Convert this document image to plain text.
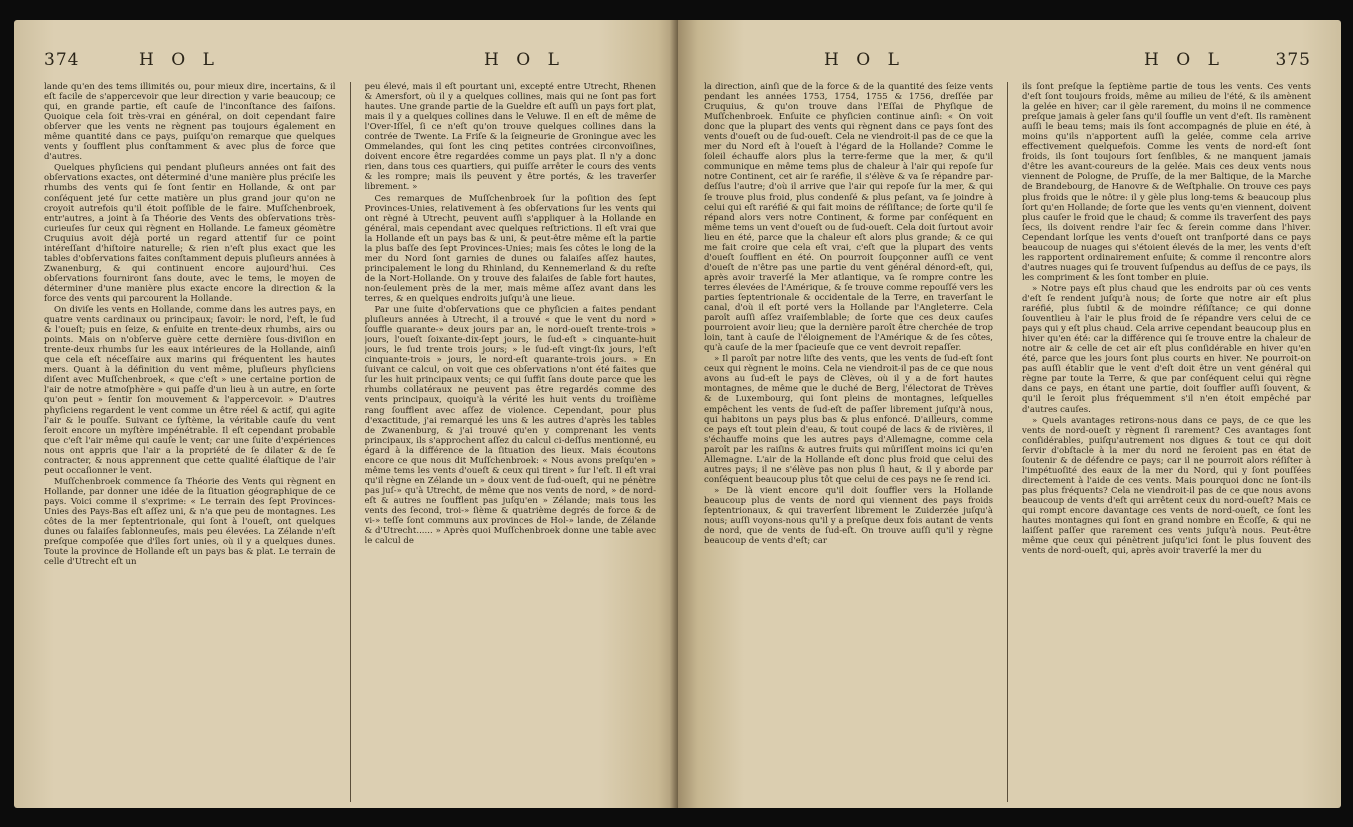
374	H O L	H O L

lande qu'en des tems illimités ou, pour mieux dire, incertains, & il eſt facile de s'appercevoir que leur direction y varie beaucoup; ce qui, en grande partie, eſt cauſe de l'inconſtance des ſaiſons. Quoique cela ſoit très-vrai en général, on doit cependant faire obſerver que les vents ne règnent pas toujours également en même quantité dans ce pays, puiſqu'on remarque que quelques vents y ſoufflent plus conſtamment & avec plus de force que d'autres.

Quelques phyſiciens qui pendant pluſieurs années ont fait des obſervations exactes, ont déterminé d'une manière plus préciſe les rhumbs des vents qui ſe ſont ſentir en Hollande, & ont par conſéquent jeté ſur cette matière un plus grand jour qu'on ne croyoit autrefois qu'il étoit poſſible de le faire. Muſſchenbroek, entr'autres, a joint à ſa Théorie des Vents des obſervations très-curieuſes ſur ceux qui règnent en Hollande. Le fameux géomètre Cruquius avoit déjà porté un regard attentif ſur ce point intéreſſant d'hiſtoire naturelle; & rien n'eſt plus exact que les tables d'obſervations faites conſtamment depuis pluſieurs années à Zwanenburg, & qui continuent encore aujourd'hui. Ces obſervations fourniront ſans doute, avec le tems, le moyen de déterminer d'une manière plus exacte encore la direction & la force des vents qui parcourent la Hollande.

On diviſe les vents en Hollande, comme dans les autres pays, en quatre vents cardinaux ou principaux; ſavoir: le nord, l'eſt, le ſud & l'oueſt; puis en ſeize, & enſuite en trente-deux rhumbs, airs ou points. Mais on n'obſerve guère cette dernière ſous-diviſion en trente-deux rhumbs ſur les eaux intérieures de la Hollande, ainſi que cela eſt néceſſaire aux marins qui fréquentent les hautes mers. Quant à la définition du vent même, pluſieurs phyſiciens diſent avec Muſſchenbroek, « que c'eſt » une certaine portion de l'air de notre atmoſphère » qui paſſe d'un lieu à un autre, en ſorte qu'on peut » ſentir ſon mouvement & l'appercevoir. » D'autres phyſiciens regardent le vent comme un être réel & actif, qui agite l'air & le pouſſe. Suivant ce ſyſtème, la véritable cauſe du vent ſeroit encore un myſtère impénétrable. Il eſt cependant probable que c'eſt l'air même qui cauſe le vent; car une ſuite d'expériences nous ont appris que l'air a la propriété de ſe dilater & de ſe contracter, & nous apprennent que cette qualité élaſtique de l'air peut occaſionner le vent.

Muſſchenbroek commence ſa Théorie des Vents qui règnent en Hollande, par donner une idée de la ſituation géographique de ce pays. Voici comme il s'exprime: « Le terrain des ſept Provinces-Unies des Pays-Bas eſt aſſez uni, & n'a que peu de montagnes. Les côtes de la mer ſeptentrionale, qui ſont à l'oueſt, ont quelques dunes ou falaiſes ſablonneuſes, mais peu élevées. La Zélande n'eſt preſque compoſée que d'îles ſort unies, où il y a quelques dunes. Toute la province de Hollande eſt un pays bas & plat. Le terrain de celle d'Utrecht eſt un

peu élevé, mais il eſt pourtant uni, excepté entre Utrecht, Rhenen & Amersfort, où il y a quelques collines, mais qui ne ſont pas fort hautes. Une grande partie de la Gueldre eſt auſſi un pays fort plat, mais il y a quelques collines dans le Veluwe. Il en eſt de même de l'Over-Iſſel, ſi ce n'eſt qu'on trouve quelques collines dans la contrée de Twente. La Friſe & la ſeigneurie de Groningue avec les Ommelandes, qui ſont les cinq petites contrées circonvoiſines, doivent encore être regardées comme un pays plat. Il n'y a donc rien, dans tous ces quartiers, qui puiſſe arrêter le cours des vents & les rompre; mais ils peuvent y être portés, & les traverſer librement. »

Ces remarques de Muſſchenbroek ſur la poſition des ſept Provinces-Unies, relativement à ſes obſervations ſur les vents qui ont règné à Utrecht, peuvent auſſi s'appliquer à la Hollande en général, mais cependant avec quelques reſtrictions. Il eſt vrai que la Hollande eſt un pays bas & uni, & peut-être même eſt la partie la plus baſſe des ſept Provinces-Unies; mais ſes côtes le long de la mer du Nord ſont garnies de dunes ou falaiſes aſſez hautes, principalement le long du Rhinland, du Kennemerland & du reſte de la Nort-Hollande. On y trouve des falaiſes de ſable fort hautes, non-ſeulement près de la mer, mais même aſſez avant dans les terres, & en quelques endroits juſqu'à une lieue.

Par une ſuite d'obſervations que ce phyſicien a faites pendant pluſieurs années à Utrecht, il a trouvé « que le vent du nord » ſouffle quarante-» deux jours par an, le nord-oueſt trente-trois » jours, l'oueſt ſoixante-dix-ſept jours, le ſud-eſt » cinquante-huit jours, le ſud trente trois jours; » le ſud-eſt vingt-ſix jours, l'eſt cinquante-trois » jours, le nord-eſt quarante-trois jours. » En ſuivant ce calcul, on voit que ces obſervations n'ont été faites que ſur les huit principaux vents; ce qui ſuffit ſans doute parce que les rhumbs collatéraux ne peuvent pas être regardés comme des vents principaux, quoiqu'à la vérité les huit vents du troiſième rang ſoufflent avec aſſez de violence. Cependant, pour plus d'exactitude, j'ai remarqué les uns & les autres d'après les tables de Zwanenburg, & j'ai trouvé qu'en y comprenant les vents principaux, ils s'approchent aſſez du calcul ci-deſſus mentionné, eu égard à la différence de la ſituation des lieux. Mais écoutons encore ce que nous dit Muſſchenbroek: « Nous avons preſqu'en » même tems les vents d'oueſt & ceux qui tirent » ſur l'eſt. Il eſt vrai qu'il règne en Zélande un » doux vent de ſud-oueſt, qui ne pénètre pas juſ-» qu'à Utrecht, de même que nos vents de nord, » de nord-eſt & autres ne ſoufflent pas juſqu'en » Zélande; mais tous les vents des ſecond, troi-» ſième & quatrième degrés de force & de vi-» teſſe ſont communs aux provinces de Hol-» lande, de Zélande & d'Utrecht...... » Après quoi Muſſchenbroek donne une table avec le calcul de

H O L	H O L	375

la direction, ainſi que de la force & de la quantité des ſeize vents pendant les années 1753, 1754, 1755 & 1756, dreſſée par Cruquius, & qu'on trouve dans l'Eſſai de Phyſique de Muſſchenbroek. Enſuite ce phyſicien continue ainſi: « On voit donc que la plupart des vents qui règnent dans ce pays ſont des vents d'oueſt ou de ſud-oueſt. Cela ne viendroit-il pas de ce que la mer du Nord eſt à l'oueſt à l'égard de la Hollande? Comme le ſoleil échauffe alors plus la terre-ferme que la mer, & qu'il communique en même tems plus de chaleur à l'air qui repoſe ſur notre Continent, cet air ſe raréfie, il s'élève & va ſe répandre par-deſſus l'autre; d'où il arrive que l'air qui repoſe ſur la mer, & qui ſe trouve plus froid, plus condenſé & plus peſant, va ſe joindre à celui qui eſt raréfié & qui fait moins de réſiſtance; de ſorte qu'il ſe répand alors vers notre Continent, & forme par conſéquent en même tems un vent d'oueſt ou de ſud-oueſt. Cela doit ſurtout avoir lieu en été, parce que la chaleur eſt alors plus grande; & ce qui me fait croire que cela eſt vrai, c'eſt que la plupart des vents d'oueſt ſoufflent en été. On pourroit ſoupçonner auſſi ce vent d'oueſt de n'être pas une partie du vent général dénord-eſt, qui, après avoir traverſé la Mer atlantique, va ſe rompre contre les terres élevées de l'Amérique, & ſe trouve comme repouſſé vers les parties ſeptentrionale & occidentale de la Terre, en traverſant le canal, d'où il eſt porté vers la Hollande par l'Angleterre. Cela paroît auſſi aſſez vraiſemblable; de ſorte que ces deux cauſes pourroient avoir lieu; que la dernière paroît être cherchée de trop loin, tant à cauſe de l'éloignement de l'Amérique & de ſes côtes, qu'à cauſe de la mer ſpacieuſe que ce vent devroit repaſſer.

» Il paroît par notre liſte des vents, que les vents de ſud-eſt ſont ceux qui règnent le moins. Cela ne viendroit-il pas de ce que nous avons au ſud-eſt le pays de Clèves, où il y a de fort hautes montagnes, de même que le duché de Berg, l'électorat de Trèves & de Luxembourg, qui ſont pleins de montagnes, leſquelles empêchent les vents de ſud-eſt de paſſer librement juſqu'à nous, qui habitons un pays plus bas & plus enfoncé. D'ailleurs, comme ce pays eſt tout plein d'eau, & tout coupé de lacs & de rivières, il s'échauffe moins que les autres pays d'Allemagne, comme cela paroît par les raiſins & autres fruits qui mûriſſent moins ici qu'en Allemagne. L'air de la Hollande eſt donc plus froid que celui des autres pays; il ne s'élève pas non plus ſi haut, & il y aborde par conſéquent beaucoup plus tôt que celui de ces pays ne ſe rend ici.

» De là vient encore qu'il doit ſouffler vers la Hollande beaucoup plus de vents de nord qui viennent des pays froids ſeptentrionaux, & qui traverſent librement le Zuiderzée juſqu'à nous; auſſi voyons-nous qu'il y a preſque deux fois autant de vents de nord, que de vents de ſud-eſt. On trouve auſſi qu'il y règne beaucoup de vents d'eſt; car

ils ſont preſque la ſeptième partie de tous les vents. Ces vents d'eſt ſont toujours froids, même au milieu de l'été, & ils amènent la gelée en hiver; car il gèle rarement, du moins il ne commence preſque jamais à geler ſans qu'il ſouffle un vent d'eſt. Ils ramènent auſſi le beau tems; mais ils ſont accompagnés de pluie en été, à moins qu'ils n'apportent auſſi la gelée, comme cela arrive effectivement quelquefois. Comme les vents de nord-eſt ſont froids, ils ſont toujours ſort ſenſibles, & ne manquent jamais d'être les avant-coureurs de la gelée. Mais ces deux vents nous viennent de Pologne, de Pruſſe, de la mer Baltique, de la Marche de Brandebourg, de Hanovre & de Weſtphalie. On trouve ces pays plus froids que le nôtre: il y gèle plus long-tems & beaucoup plus ſort qu'en Hollande; de ſorte que les vents qu'en viennent, doivent plus cauſer le froid que le chaud; & comme ils traverſent des pays ſecs, ils doivent rendre l'air ſec & ſerein comme dans l'hiver. Cependant lorſque les vents d'oueſt ont tranſporté dans ce pays beaucoup de nuages qui s'étoient élevés de la mer, les vents d'eſt les rapportent ordinairement enſuite; & comme il rencontre alors d'autres nuages qui ſe trouvent ſuſpendus au deſſus de ce pays, ils les compriment & les ſont tomber en pluie.

» Notre pays eſt plus chaud que les endroits par où ces vents d'eſt ſe rendent juſqu'à nous; de ſorte que notre air eſt plus raréfié, plus ſubtil & de moindre réſiſtance; ce qui donne ſouventlieu à l'air le plus froid de ſe répandre vers celui de ce pays qui y eſt plus chaud. Cela arrive cependant beaucoup plus en hiver qu'en été: car la différence qui ſe trouve entre la chaleur de notre air & celle de cet air eſt plus conſidérable en hiver qu'en été, parce que les jours ſont plus courts en hiver. Ne pourroit-on pas auſſi établir que le vent d'eſt doit être un vent général qui règne par toute la Terre, & que par conſéquent celui qui règne dans ce pays, en étant une partie, doit ſouffler auſſi ſouvent, & qu'il le ſeroit plus fréquemment s'il n'en étoit empêché par d'autres cauſes.

» Quels avantages retirons-nous dans ce pays, de ce que les vents de nord-oueſt y règnent ſi rarement? Ces avantages ſont conſidérables, puiſqu'autrement nos digues & tout ce qui doit ſervir d'obſtacle à la mer du nord ne ſeroient pas en état de ſoutenir & de défendre ce pays; car il ne pourroit alors réſiſter à l'impétuoſité des eaux de la mer du Nord, qui y ſont pouſſées directement à l'aide de ces vents. Mais pourquoi donc ne ſont-ils pas plus fréquents? Cela ne viendroit-il pas de ce que nous avons beaucoup de vents d'eſt qui arrêtent ceux du nord-oueſt? Mais ce qui rompt encore davantage ces vents de nord-oueſt, ce ſont les hautes montagnes qui ſont en grand nombre en Écoſſe, & qui ne laiſſent paſſer que rarement ces vents juſqu'à nous. Peut-être même que ceux qui pénètrent juſqu'ici ſont le plus ſouvent des vents de nord-oueſt, qui, après avoir traverſé la mer du
